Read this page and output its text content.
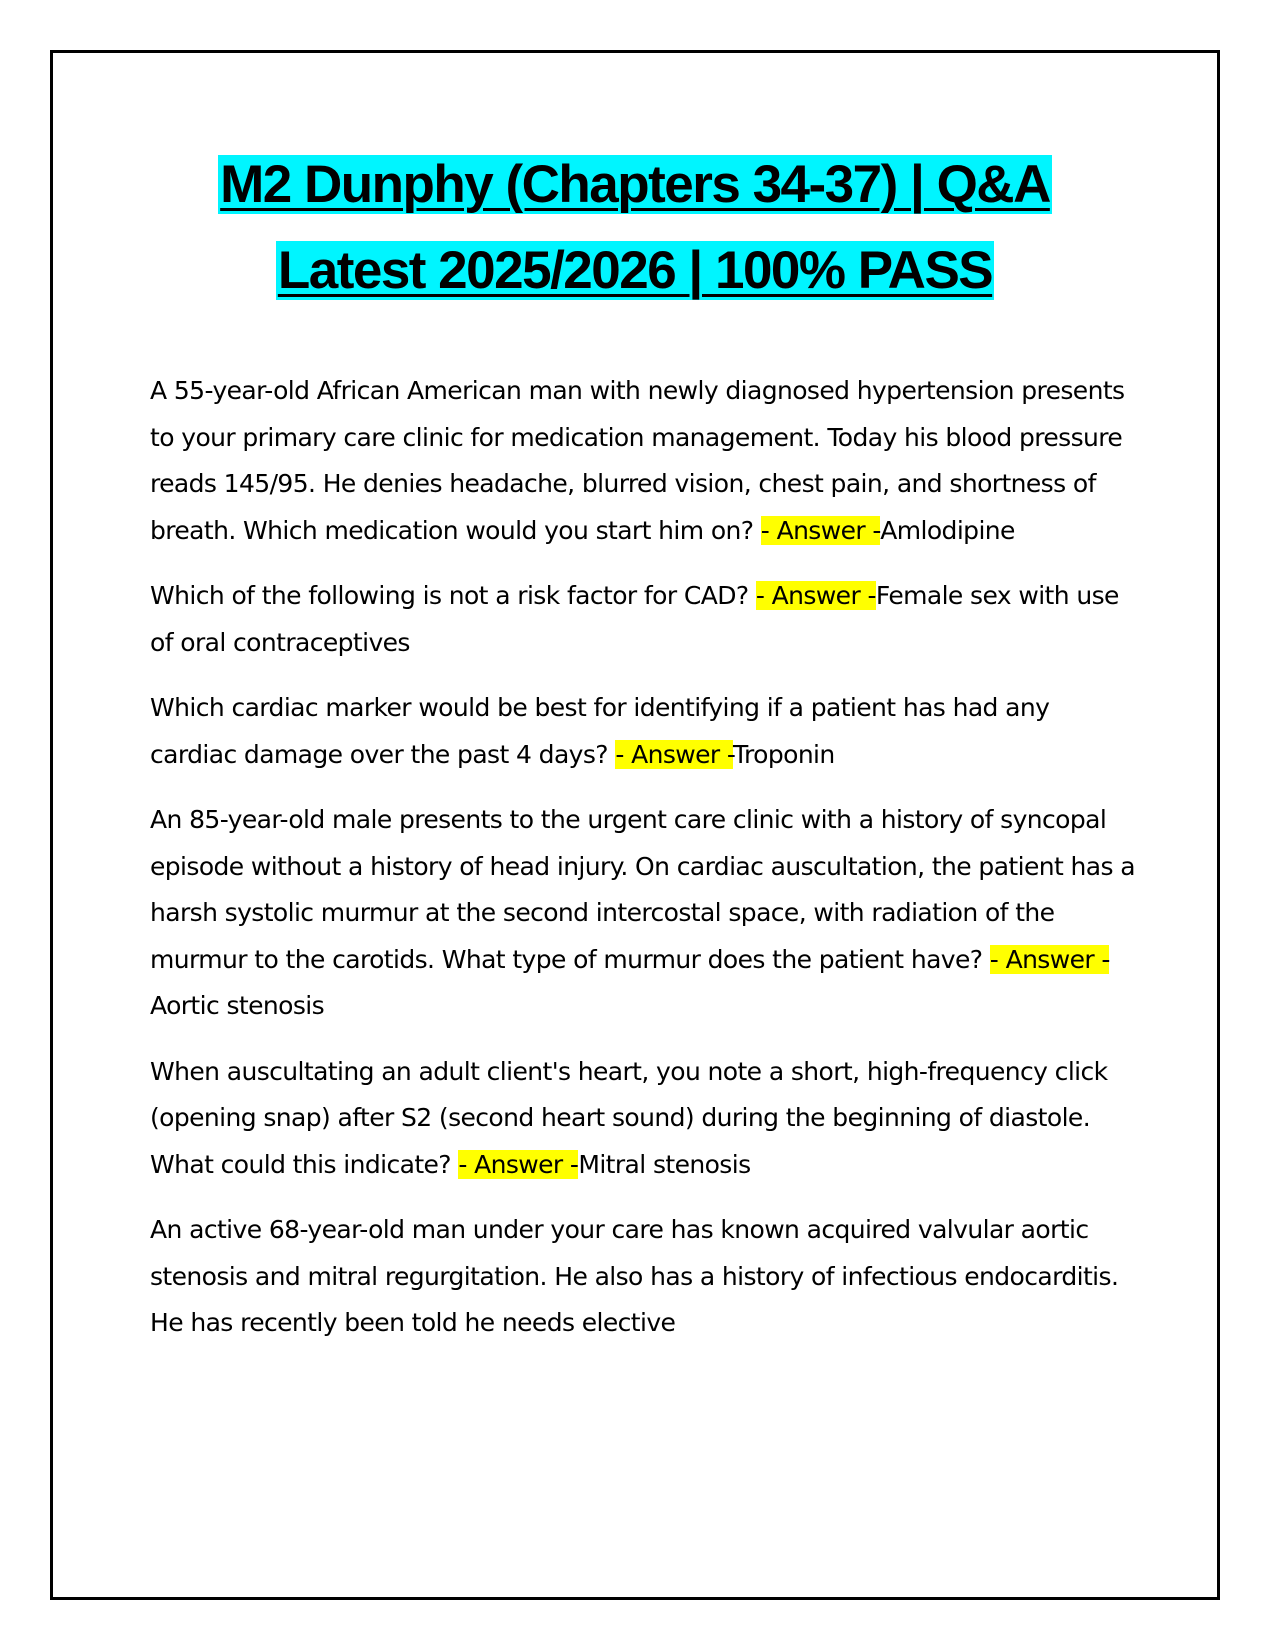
M2 Dunphy (Chapters 34-37) | Q&A
Latest 2025/2026 | 100% PASS

A 55-year-old African American man with newly diagnosed hypertension presents to your primary care clinic for medication management. Today his blood pressure reads 145/95. He denies headache, blurred vision, chest pain, and shortness of breath. Which medication would you start him on? - Answer -Amlodipine

Which of the following is not a risk factor for CAD? - Answer -Female sex with use of oral contraceptives

Which cardiac marker would be best for identifying if a patient has had any cardiac damage over the past 4 days? - Answer -Troponin

An 85-year-old male presents to the urgent care clinic with a history of syncopal episode without a history of head injury. On cardiac auscultation, the patient has a harsh systolic murmur at the second intercostal space, with radiation of the murmur to the carotids. What type of murmur does the patient have? - Answer -Aortic stenosis

When auscultating an adult client's heart, you note a short, high-frequency click (opening snap) after S2 (second heart sound) during the beginning of diastole. What could this indicate? - Answer -Mitral stenosis

An active 68-year-old man under your care has known acquired valvular aortic stenosis and mitral regurgitation. He also has a history of infectious endocarditis. He has recently been told he needs elective
